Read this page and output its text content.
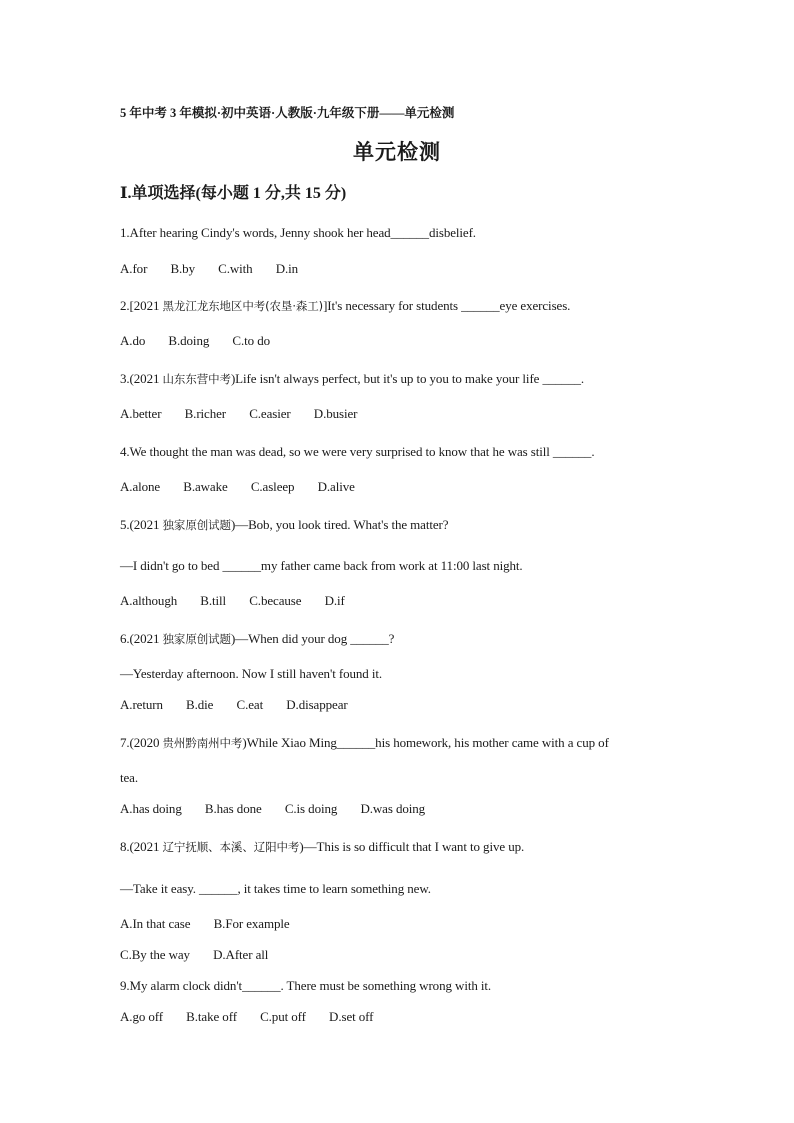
5 年中考 3 年模拟·初中英语·人教版·九年级下册——单元检测
单元检测
Ⅰ.单项选择(每小题 1 分,共 15 分)
1.After hearing Cindy's words, Jenny shook her head______disbelief.
A.for B.by C.with D.in
2.[2021 黑龙江龙东地区中考(农垦·森工)]It's necessary for students ______eye exercises.
A.do B.doing C.to do
3.(2021 山东东营中考)Life isn't always perfect, but it's up to you to make your life ______.
A.better B.richer C.easier D.busier
4.We thought the man was dead, so we were very surprised to know that he was still ______.
A.alone B.awake C.asleep D.alive
5.(2021 独家原创试题)—Bob, you look tired. What's the matter?
—I didn't go to bed ______my father came back from work at 11:00 last night.
A.although B.till C.because D.if
6.(2021 独家原创试题)—When did your dog ______?
—Yesterday afternoon. Now I still haven't found it.
A.return B.die C.eat D.disappear
7.(2020 贵州黔南州中考)While Xiao Ming______his homework, his mother came with a cup of
tea.
A.has doing B.has done C.is doing D.was doing
8.(2021 辽宁抚顺、本溪、辽阳中考)—This is so difficult that I want to give up.
—Take it easy. ______, it takes time to learn something new.
A.In that case B.For example
C.By the way D.After all
9.My alarm clock didn't______. There must be something wrong with it.
A.go off B.take off C.put off D.set off
